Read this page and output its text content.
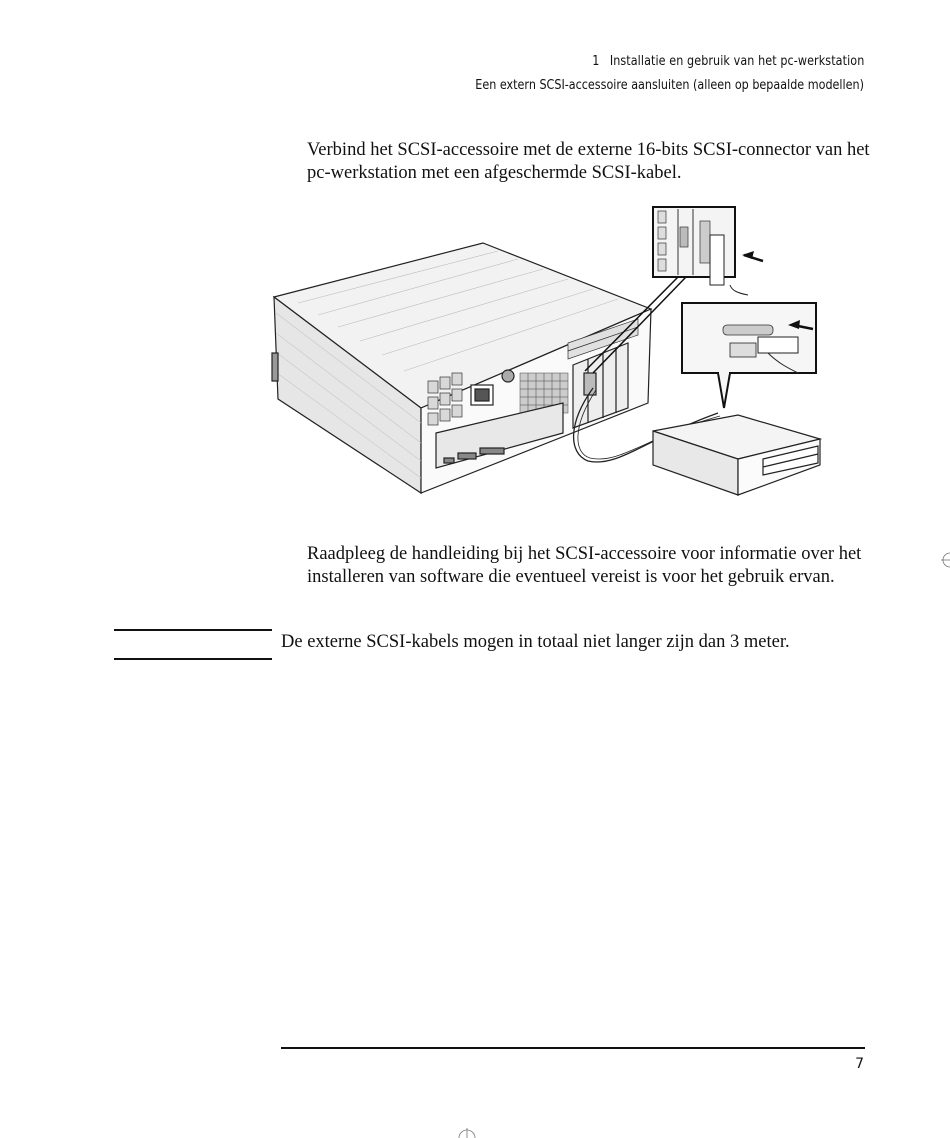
1 Installatie en gebruik van het pc-werkstation
Een extern SCSI-accessoire aansluiten (alleen op bepaalde modellen)

Verbind het SCSI-accessoire met de externe 16-bits SCSI-connector van het pc-werkstation met een afgeschermde SCSI-kabel.

Raadpleeg de handleiding bij het SCSI-accessoire voor informatie over het installeren van software die eventueel vereist is voor het gebruik ervan.

De externe SCSI-kabels mogen in totaal niet langer zijn dan 3 meter.
7
